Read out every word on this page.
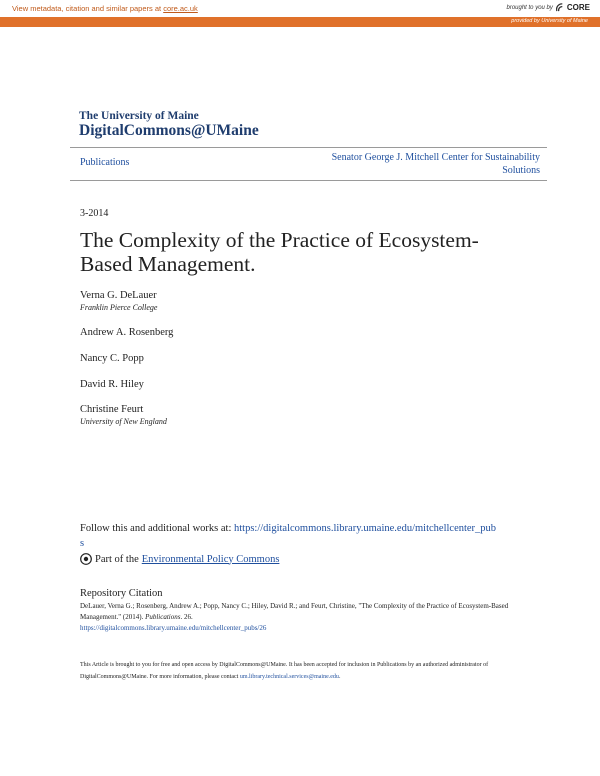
View metadata, citation and similar papers at core.ac.uk	brought to you by CORE
provided by University of Maine
The University of Maine
DigitalCommons@UMaine
Publications	Senator George J. Mitchell Center for Sustainability Solutions
3-2014
The Complexity of the Practice of Ecosystem-Based Management.
Verna G. DeLauer
Franklin Pierce College
Andrew A. Rosenberg
Nancy C. Popp
David R. Hiley
Christine Feurt
University of New England
Follow this and additional works at: https://digitalcommons.library.umaine.edu/mitchellcenter_pubs
Part of the Environmental Policy Commons
Repository Citation
DeLauer, Verna G.; Rosenberg, Andrew A.; Popp, Nancy C.; Hiley, David R.; and Feurt, Christine, "The Complexity of the Practice of Ecosystem-Based Management." (2014). Publications. 26.
https://digitalcommons.library.umaine.edu/mitchellcenter_pubs/26
This Article is brought to you for free and open access by DigitalCommons@UMaine. It has been accepted for inclusion in Publications by an authorized administrator of DigitalCommons@UMaine. For more information, please contact um.library.technical.services@maine.edu.
